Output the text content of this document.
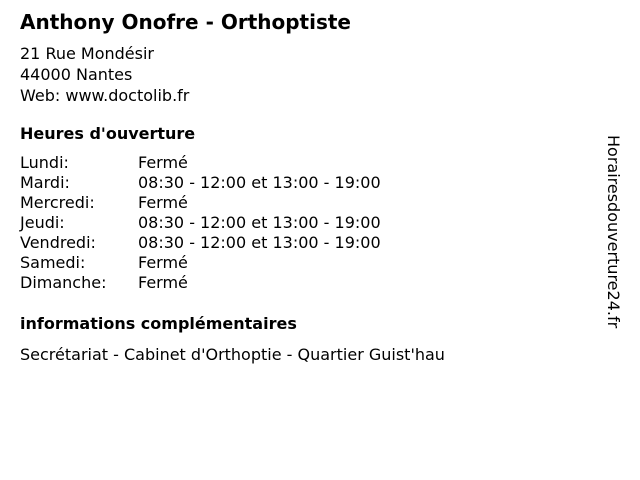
Anthony Onofre - Orthoptiste
21 Rue Mondésir
44000 Nantes
Web: www.doctolib.fr
Heures d'ouverture
Lundi:	Fermé
Mardi:	08:30 - 12:00 et 13:00 - 19:00
Mercredi:	Fermé
Jeudi:	08:30 - 12:00 et 13:00 - 19:00
Vendredi:	08:30 - 12:00 et 13:00 - 19:00
Samedi:	Fermé
Dimanche: Fermé
informations complémentaires
Secrétariat - Cabinet d'Orthoptie - Quartier Guist'hau
Horairesdouverture24.fr
